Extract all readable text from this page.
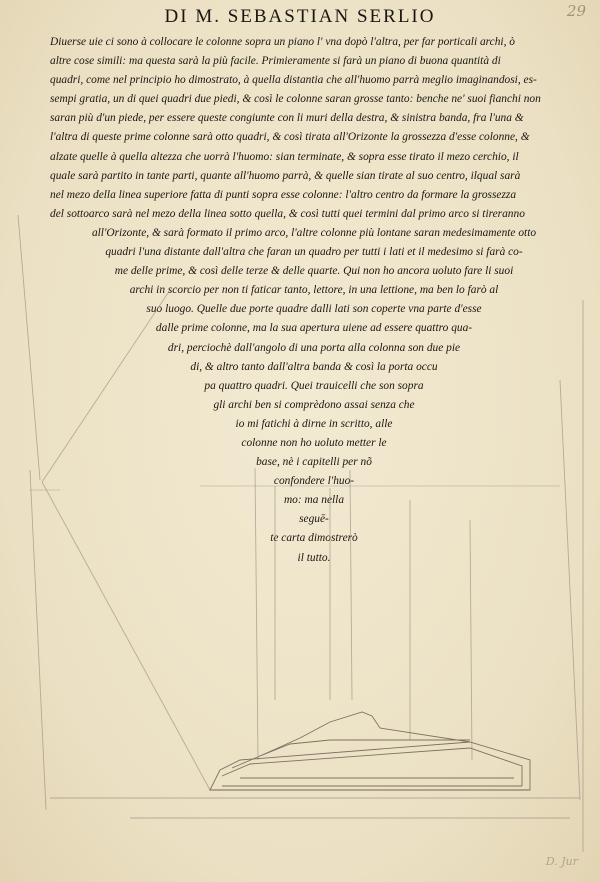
29
DI M. SEBASTIAN SERLIO
Diuerse uie ci sono à collocare le colonne sopra un piano l' vna dopò l'altra, per far porticali archi, ò
altre cose simili: ma questa sarà la più facile. Primieramente si farà un piano di buona quantità di
quadri, come nel principio ho dimostrato, à quella distantia che all'huomo parrà meglio imaginandosi, es-
sempi gratia, un di quei quadri due piedi, & così le colonne saran grosse tanto: benche ne' suoi fianchi non
saran più d'un piede, per essere queste congiunte con li muri della destra, & sinistra banda, fra l'una &
l'altra di queste prime colonne sarà otto quadri, & così tirata all'Orizonte la grossezza d'esse colonne, &
alzate quelle à quella altezza che uorrà l'huomo: sian terminate, & sopra esse tirato il mezo cerchio, il
quale sarà partito in tante parti, quante all'huomo parrà, & quelle sian tirate al suo centro, ilqual sarà
nel mezo della linea superiore fatta di punti sopra esse colonne: l'altro centro da formare la grossezza
del sottoarco sarà nel mezo della linea sotto quella, & così tutti quei termini dal primo arco si tireranno
all'Orizonte, & sarà formato il primo arco, l'altre colonne più lontane saran medesimamente otto
quadri l'una distante dall'altra che faran un quadro per tutti i lati et il medesimo si farà co-
me delle prime, & così delle terze & delle quarte. Qui non ho ancora uoluto fare li suoi
archi in scorcio per non ti faticar tanto, lettore, in una lettione, ma ben lo farò al
suo luogo. Quelle due porte quadre dalli lati son coperte vna parte d'esse
dalle prime colonne, ma la sua apertura uiene ad essere quattro qua-
dri, perciochè dall'angolo di una porta alla colonna son due pie
di, & altro tanto dall'altra banda & così la porta occu
pa quattro quadri. Quei trauicelli che son sopra
gli archi ben si comprèdono assai senza che
io mi fatichi à dirne in scritto, alle
colonne non ho uoluto metter le
base, nè i capitelli per nõ
confondere l'huo-
mo: ma nella
seguē-
te carta dimostrerò
il tutto.
D. Jur
